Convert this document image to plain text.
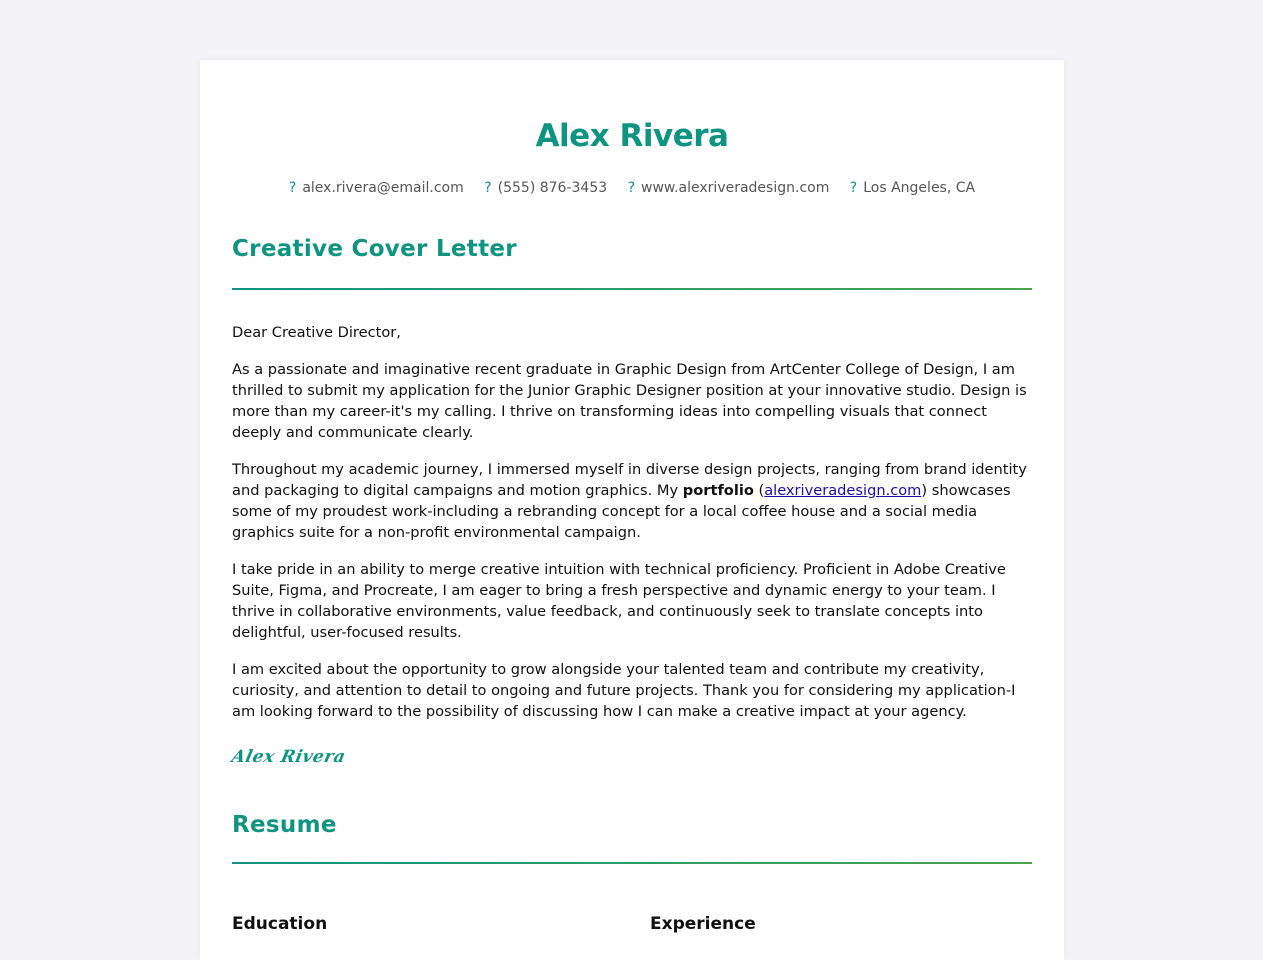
Alex Rivera
? alex.rivera@email.com ? (555) 876-3453 ? www.alexriveradesign.com ? Los Angeles, CA
Creative Cover Letter

Dear Creative Director,

As a passionate and imaginative recent graduate in Graphic Design from ArtCenter College of Design, I am thrilled to submit my application for the Junior Graphic Designer position at your innovative studio. Design is more than my career-it's my calling. I thrive on transforming ideas into compelling visuals that connect deeply and communicate clearly.

Throughout my academic journey, I immersed myself in diverse design projects, ranging from brand identity and packaging to digital campaigns and motion graphics. My portfolio (alexriveradesign.com) showcases some of my proudest work-including a rebranding concept for a local coffee house and a social media graphics suite for a non-profit environmental campaign.

I take pride in an ability to merge creative intuition with technical proficiency. Proficient in Adobe Creative Suite, Figma, and Procreate, I am eager to bring a fresh perspective and dynamic energy to your team. I thrive in collaborative environments, value feedback, and continuously seek to translate concepts into delightful, user-focused results.

I am excited about the opportunity to grow alongside your talented team and contribute my creativity, curiosity, and attention to detail to ongoing and future projects. Thank you for considering my application-I am looking forward to the possibility of discussing how I can make a creative impact at your agency.

Alex Rivera
Resume
Education	Experience
